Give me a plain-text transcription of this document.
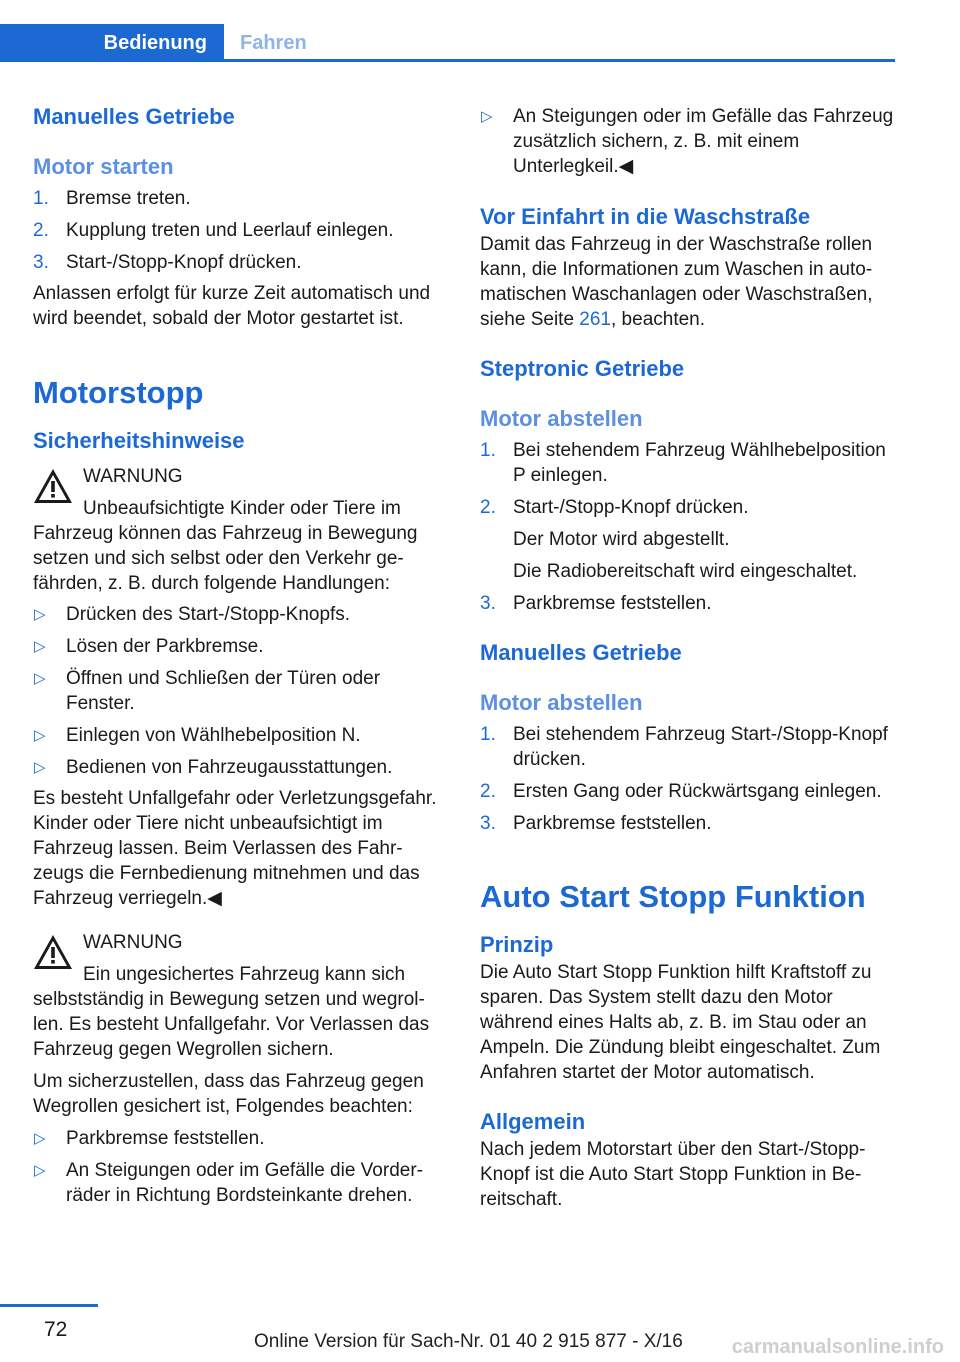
Bedienung	Fahren
Manuelles Getriebe
Motor starten
1. Bremse treten.
2. Kupplung treten und Leerlauf einlegen.
3. Start-/Stopp-Knopf drücken.

Anlassen erfolgt für kurze Zeit automatisch und wird beendet, sobald der Motor gestartet ist.

Motorstopp
Sicherheitshinweise
WARNUNG
Unbeaufsichtigte Kinder oder Tiere im Fahrzeug können das Fahrzeug in Bewegung setzen und sich selbst oder den Verkehr gefährden, z. B. durch folgende Handlungen:
▷ Drücken des Start-/Stopp-Knopfs.
▷ Lösen der Parkbremse.
▷ Öffnen und Schließen der Türen oder Fenster.
▷ Einlegen von Wählhebelposition N.
▷ Bedienen von Fahrzeugausstattungen.

Es besteht Unfallgefahr oder Verletzungsgefahr. Kinder oder Tiere nicht unbeaufsichtigt im Fahrzeug lassen. Beim Verlassen des Fahrzeugs die Fernbedienung mitnehmen und das Fahrzeug verriegeln.◀

WARNUNG
Ein ungesichertes Fahrzeug kann sich selbstständig in Bewegung setzen und wegrollen. Es besteht Unfallgefahr. Vor Verlassen das Fahrzeug gegen Wegrollen sichern.

Um sicherzustellen, dass das Fahrzeug gegen Wegrollen gesichert ist, Folgendes beachten:

▷ Parkbremse feststellen.
▷ An Steigungen oder im Gefälle die Vorderräder in Richtung Bordsteinkante drehen.
▷ An Steigungen oder im Gefälle das Fahrzeug zusätzlich sichern, z. B. mit einem Unterlegkeil.◀
Vor Einfahrt in die Waschstraße

Damit das Fahrzeug in der Waschstraße rollen kann, die Informationen zum Waschen in automatischen Waschanlagen oder Waschstraßen, siehe Seite 261, beachten.

Steptronic Getriebe
Motor abstellen
1. Bei stehendem Fahrzeug Wählhebelposition P einlegen.
2. Start-/Stopp-Knopf drücken.
Der Motor wird abgestellt.
Die Radiobereitschaft wird eingeschaltet.
3. Parkbremse feststellen.
Manuelles Getriebe
Motor abstellen
1. Bei stehendem Fahrzeug Start-/Stopp-Knopf drücken.
2. Ersten Gang oder Rückwärtsgang einlegen.
3. Parkbremse feststellen.
Auto Start Stopp Funktion
Prinzip

Die Auto Start Stopp Funktion hilft Kraftstoff zu sparen. Das System stellt dazu den Motor während eines Halts ab, z. B. im Stau oder an Ampeln. Die Zündung bleibt eingeschaltet. Zum Anfahren startet der Motor automatisch.

Allgemein

Nach jedem Motorstart über den Start-/Stopp-Knopf ist die Auto Start Stopp Funktion in Bereitschaft.

72
Online Version für Sach-Nr. 01 40 2 915 877 - X/16 carmanualsonline.info
